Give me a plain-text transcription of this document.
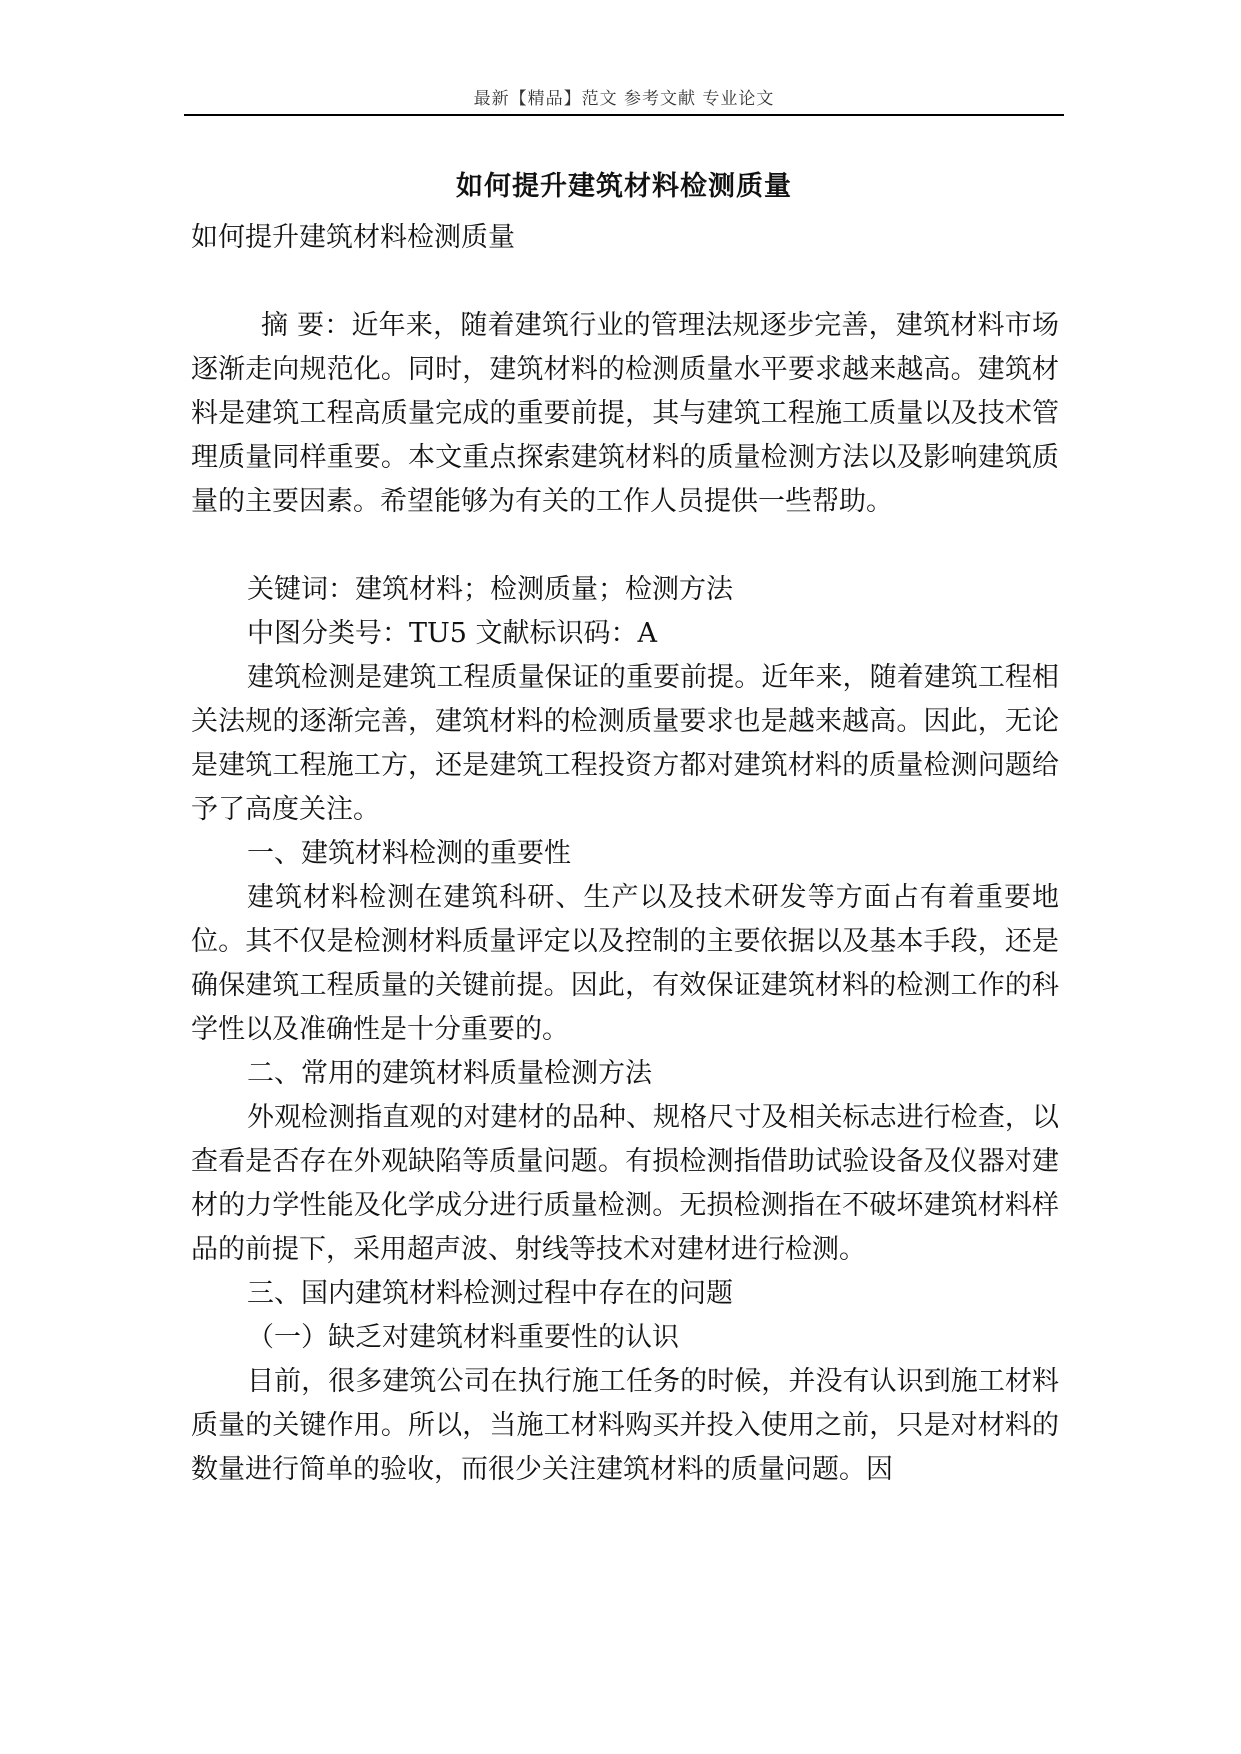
最新【精品】范文 参考文献 专业论文
如何提升建筑材料检测质量

如何提升建筑材料检测质量

摘 要：近年来，随着建筑行业的管理法规逐步完善，建筑材料市场逐渐走向规范化。同时，建筑材料的检测质量水平要求越来越高。建筑材料是建筑工程高质量完成的重要前提，其与建筑工程施工质量以及技术管理质量同样重要。本文重点探索建筑材料的质量检测方法以及影响建筑质量的主要因素。希望能够为有关的工作人员提供一些帮助。

关键词：建筑材料；检测质量；检测方法

中图分类号：TU5 文献标识码：A

建筑检测是建筑工程质量保证的重要前提。近年来，随着建筑工程相关法规的逐渐完善，建筑材料的检测质量要求也是越来越高。因此，无论是建筑工程施工方，还是建筑工程投资方都对建筑材料的质量检测问题给予了高度关注。

一、建筑材料检测的重要性

建筑材料检测在建筑科研、生产以及技术研发等方面占有着重要地位。其不仅是检测材料质量评定以及控制的主要依据以及基本手段，还是确保建筑工程质量的关键前提。因此，有效保证建筑材料的检测工作的科学性以及准确性是十分重要的。

二、常用的建筑材料质量检测方法

外观检测指直观的对建材的品种、规格尺寸及相关标志进行检查，以查看是否存在外观缺陷等质量问题。有损检测指借助试验设备及仪器对建材的力学性能及化学成分进行质量检测。无损检测指在不破坏建筑材料样品的前提下，采用超声波、射线等技术对建材进行检测。

三、国内建筑材料检测过程中存在的问题

（一）缺乏对建筑材料重要性的认识

目前，很多建筑公司在执行施工任务的时候，并没有认识到施工材料质量的关键作用。所以，当施工材料购买并投入使用之前，只是对材料的数量进行简单的验收，而很少关注建筑材料的质量问题。因
